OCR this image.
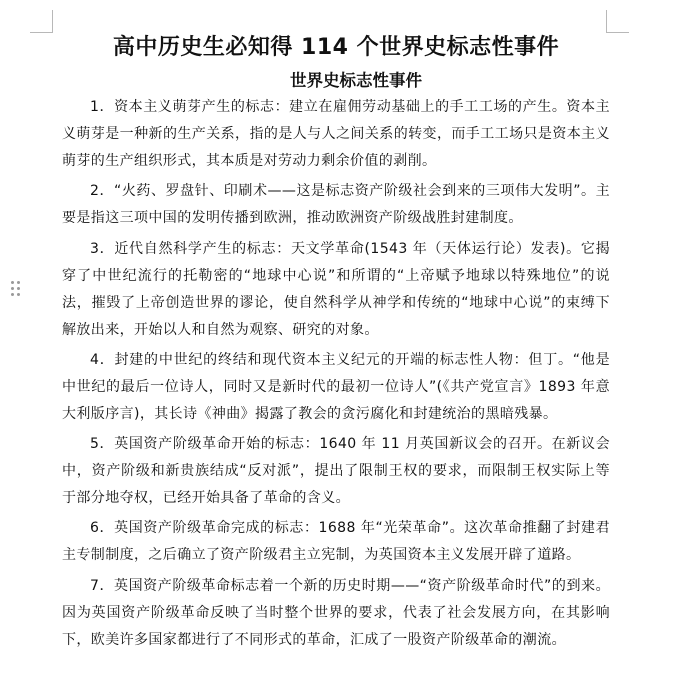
高中历史生必知得 114 个世界史标志性事件
世界史标志性事件

1．资本主义萌芽产生的标志：建立在雇佣劳动基础上的手工工场的产生。资本主义萌芽是一种新的生产关系，指的是人与人之间关系的转变，而手工工场只是资本主义萌芽的生产组织形式，其本质是对劳动力剩余价值的剥削。

2．“火药、罗盘针、印刷术——这是标志资产阶级社会到来的三项伟大发明”。主要是指这三项中国的发明传播到欧洲，推动欧洲资产阶级战胜封建制度。

3．近代自然科学产生的标志：天文学革命(1543 年（天体运行论）发表)。它揭穿了中世纪流行的托勒密的“地球中心说”和所谓的“上帝赋予地球以特殊地位”的说法，摧毁了上帝创造世界的谬论，使自然科学从神学和传统的“地球中心说”的束缚下解放出来，开始以人和自然为观察、研究的对象。

4．封建的中世纪的终结和现代资本主义纪元的开端的标志性人物：但丁。“他是中世纪的最后一位诗人，同时又是新时代的最初一位诗人”(《共产党宣言》1893 年意大利版序言)，其长诗《神曲》揭露了教会的贪污腐化和封建统治的黑暗残暴。

5．英国资产阶级革命开始的标志：1640 年 11 月英国新议会的召开。在新议会中，资产阶级和新贵族结成“反对派”，提出了限制王权的要求，而限制王权实际上等于部分地夺权，已经开始具备了革命的含义。

6．英国资产阶级革命完成的标志：1688 年“光荣革命”。这次革命推翻了封建君主专制制度，之后确立了资产阶级君主立宪制，为英国资本主义发展开辟了道路。

7．英国资产阶级革命标志着一个新的历史时期——“资产阶级革命时代”的到来。因为英国资产阶级革命反映了当时整个世界的要求，代表了社会发展方向，在其影响下，欧美许多国家都进行了不同形式的革命，汇成了一股资产阶级革命的潮流。
